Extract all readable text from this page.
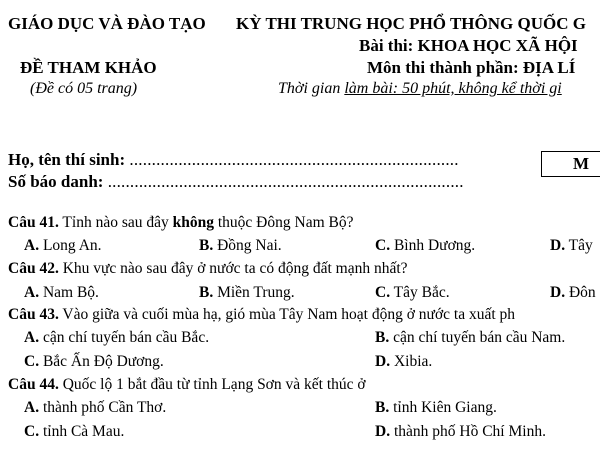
GIÁO DỤC VÀ ĐÀO TẠO KỲ THI TRUNG HỌC PHỔ THÔNG QUỐC G
Bài thi: KHOA HỌC XÃ HỘI
ĐỀ THAM KHẢO	Môn thi thành phần: ĐỊA LÍ
(Đề có 05 trang)	Thời gian làm bài: 50 phút, không kể thời gi
Họ, tên thí sinh: ..........................................................................
Số báo danh: ................................................................................
M
Câu 41. Tỉnh nào sau đây không thuộc Đông Nam Bộ?
A. Long An.	B. Đồng Nai.	C. Bình Dương.	D. Tây
Câu 42. Khu vực nào sau đây ở nước ta có động đất mạnh nhất?
A. Nam Bộ.	B. Miền Trung.	C. Tây Bắc.	D. Đôn
Câu 43. Vào giữa và cuối mùa hạ, gió mùa Tây Nam hoạt động ở nước ta xuất ph
A. cận chí tuyến bán cầu Bắc.	B. cận chí tuyến bán cầu Nam.
C. Bắc Ấn Độ Dương.	D. Xibia.
Câu 44. Quốc lộ 1 bắt đầu từ tỉnh Lạng Sơn và kết thúc ở
A. thành phố Cần Thơ.	B. tỉnh Kiên Giang.
C. tỉnh Cà Mau.	D. thành phố Hồ Chí Minh.
